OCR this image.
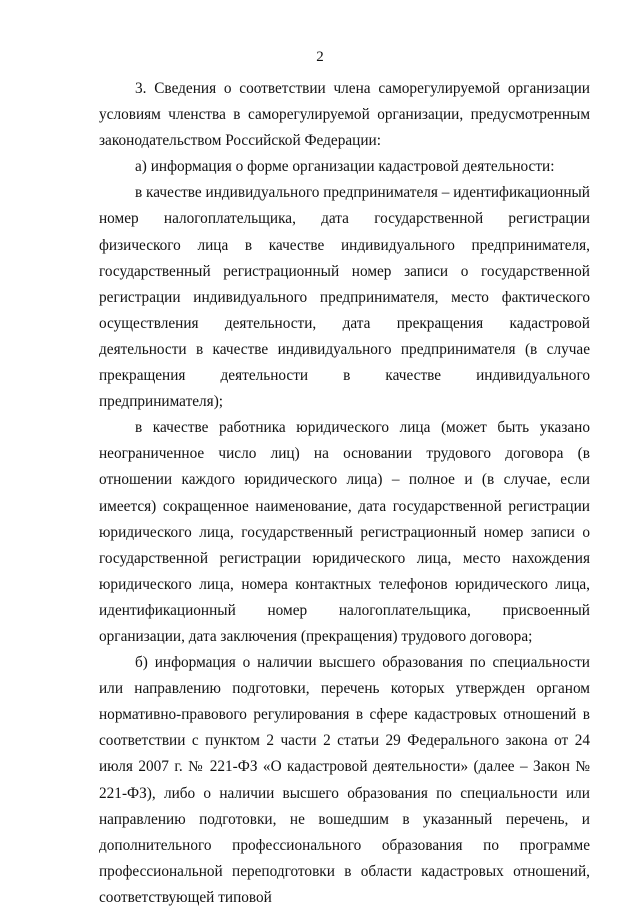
2

3. Сведения о соответствии члена саморегулируемой организации условиям членства в саморегулируемой организации, предусмотренным законодательством Российской Федерации:

а) информация о форме организации кадастровой деятельности:

в качестве индивидуального предпринимателя – идентификационный номер налогоплательщика, дата государственной регистрации физического лица в качестве индивидуального предпринимателя, государственный регистрационный номер записи о государственной регистрации индивидуального предпринимателя, место фактического осуществления деятельности, дата прекращения кадастровой деятельности в качестве индивидуального предпринимателя (в случае прекращения деятельности в качестве индивидуального предпринимателя);

в качестве работника юридического лица (может быть указано неограниченное число лиц) на основании трудового договора (в отношении каждого юридического лица) – полное и (в случае, если имеется) сокращенное наименование, дата государственной регистрации юридического лица, государственный регистрационный номер записи о государственной регистрации юридического лица, место нахождения юридического лица, номера контактных телефонов юридического лица, идентификационный номер налогоплательщика, присвоенный организации, дата заключения (прекращения) трудового договора;

б) информация о наличии высшего образования по специальности или направлению подготовки, перечень которых утвержден органом нормативно-правового регулирования в сфере кадастровых отношений в соответствии с пунктом 2 части 2 статьи 29 Федерального закона от 24 июля 2007 г. № 221-ФЗ «О кадастровой деятельности» (далее – Закон № 221-ФЗ), либо о наличии высшего образования по специальности или направлению подготовки, не вошедшим в указанный перечень, и дополнительного профессионального образования по программе профессиональной переподготовки в области кадастровых отношений, соответствующей типовой
